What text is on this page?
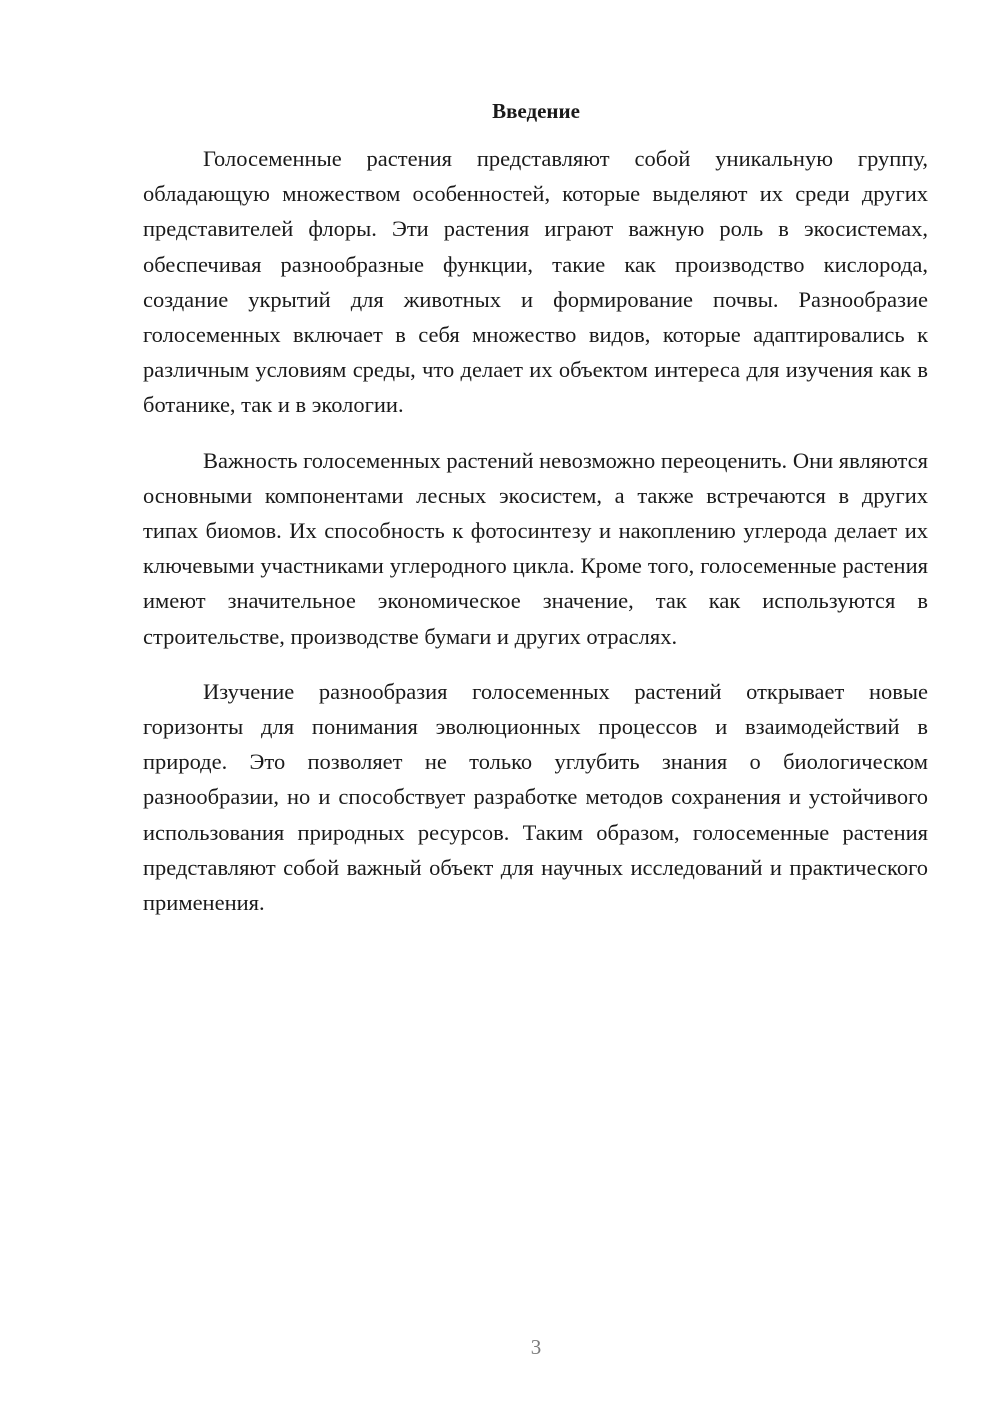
Введение

Голосеменные растения представляют собой уникальную группу, обладающую множеством особенностей, которые выделяют их среди других представителей флоры. Эти растения играют важную роль в экосистемах, обеспечивая разнообразные функции, такие как производство кислорода, создание укрытий для животных и формирование почвы. Разнообразие голосеменных включает в себя множество видов, которые адаптировались к различным условиям среды, что делает их объектом интереса для изучения как в ботанике, так и в экологии.

Важность голосеменных растений невозможно переоценить. Они являются основными компонентами лесных экосистем, а также встречаются в других типах биомов. Их способность к фотосинтезу и накоплению углерода делает их ключевыми участниками углеродного цикла. Кроме того, голосеменные растения имеют значительное экономическое значение, так как используются в строительстве, производстве бумаги и других отраслях.

Изучение разнообразия голосеменных растений открывает новые горизонты для понимания эволюционных процессов и взаимодействий в природе. Это позволяет не только углубить знания о биологическом разнообразии, но и способствует разработке методов сохранения и устойчивого использования природных ресурсов. Таким образом, голосеменные растения представляют собой важный объект для научных исследований и практического применения.

3
